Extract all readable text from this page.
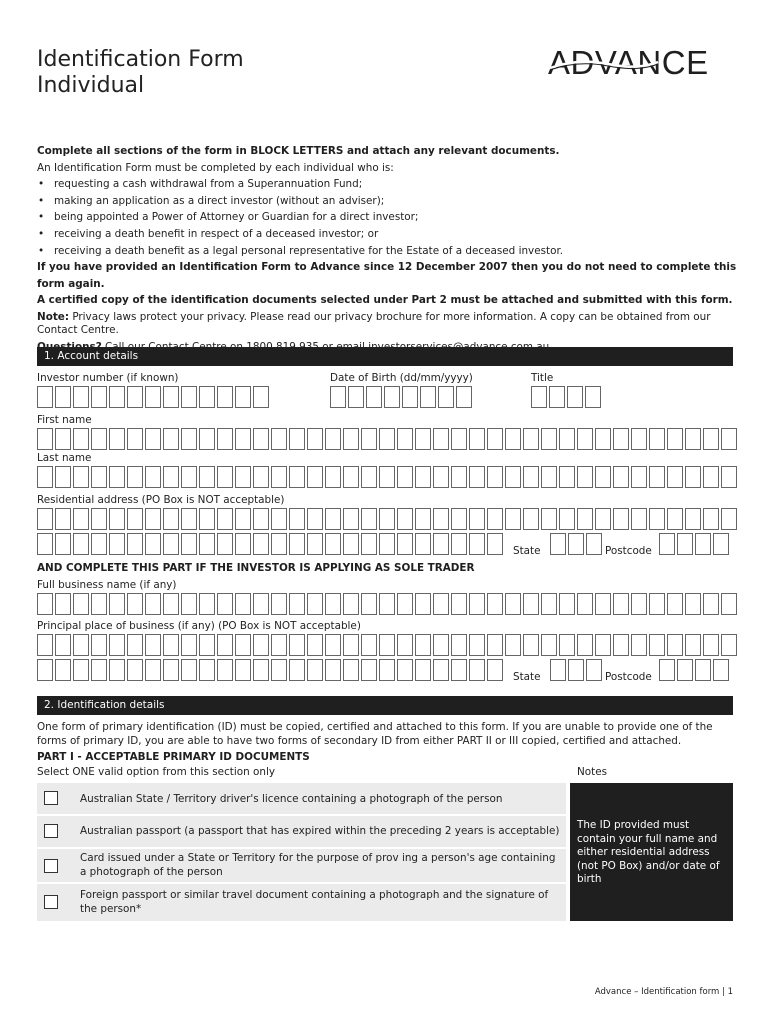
Identification Form
Individual
ADVANCE
Complete all sections of the form in BLOCK LETTERS and attach any relevant documents.
An Identification Form must be completed by each individual who is:
• requesting a cash withdrawal from a Superannuation Fund;
• making an application as a direct investor (without an adviser);
• being appointed a Power of Attorney or Guardian for a direct investor;
• receiving a death benefit in respect of a deceased investor; or
• receiving a death benefit as a legal personal representative for the Estate of a deceased investor.
If you have provided an Identification Form to Advance since 12 December 2007 then you do not need to complete this form again.
A certified copy of the identification documents selected under Part 2 must be attached and submitted with this form.
Note: Privacy laws protect your privacy. Please read our privacy brochure for more information. A copy can be obtained from our Contact Centre.
1. Account details
Investor number (if known)	Date of Birth (dd/mm/yyyy)	Title
First name
Last name
Residential address (PO Box is NOT acceptable)
State	Postcode
AND COMPLETE THIS PART IF THE INVESTOR IS APPLYING AS SOLE TRADER
Full business name (if any)
Principal place of business (if any) (PO Box is NOT acceptable)
State	Postcode
2. Identification details
One form of primary identification (ID) must be copied, certified and attached to this form. If you are unable to provide one of the forms of primary ID, you are able to have two forms of secondary ID from either PART II or III copied, certified and attached.
PART I - ACCEPTABLE PRIMARY ID DOCUMENTS
Select ONE valid option from this section only	Notes
Australian State / Territory driver's licence containing a photograph of the person
Australian passport (a passport that has expired within the preceding 2 years is acceptable)
Card issued under a State or Territory for the purpose of prov ing a person's age containing a photograph of the person
Foreign passport or similar travel document containing a photograph and the signature of the person*
The ID provided must contain your full name and either residential address (not PO Box) and/or date of birth
Advance – Identification form | 1
